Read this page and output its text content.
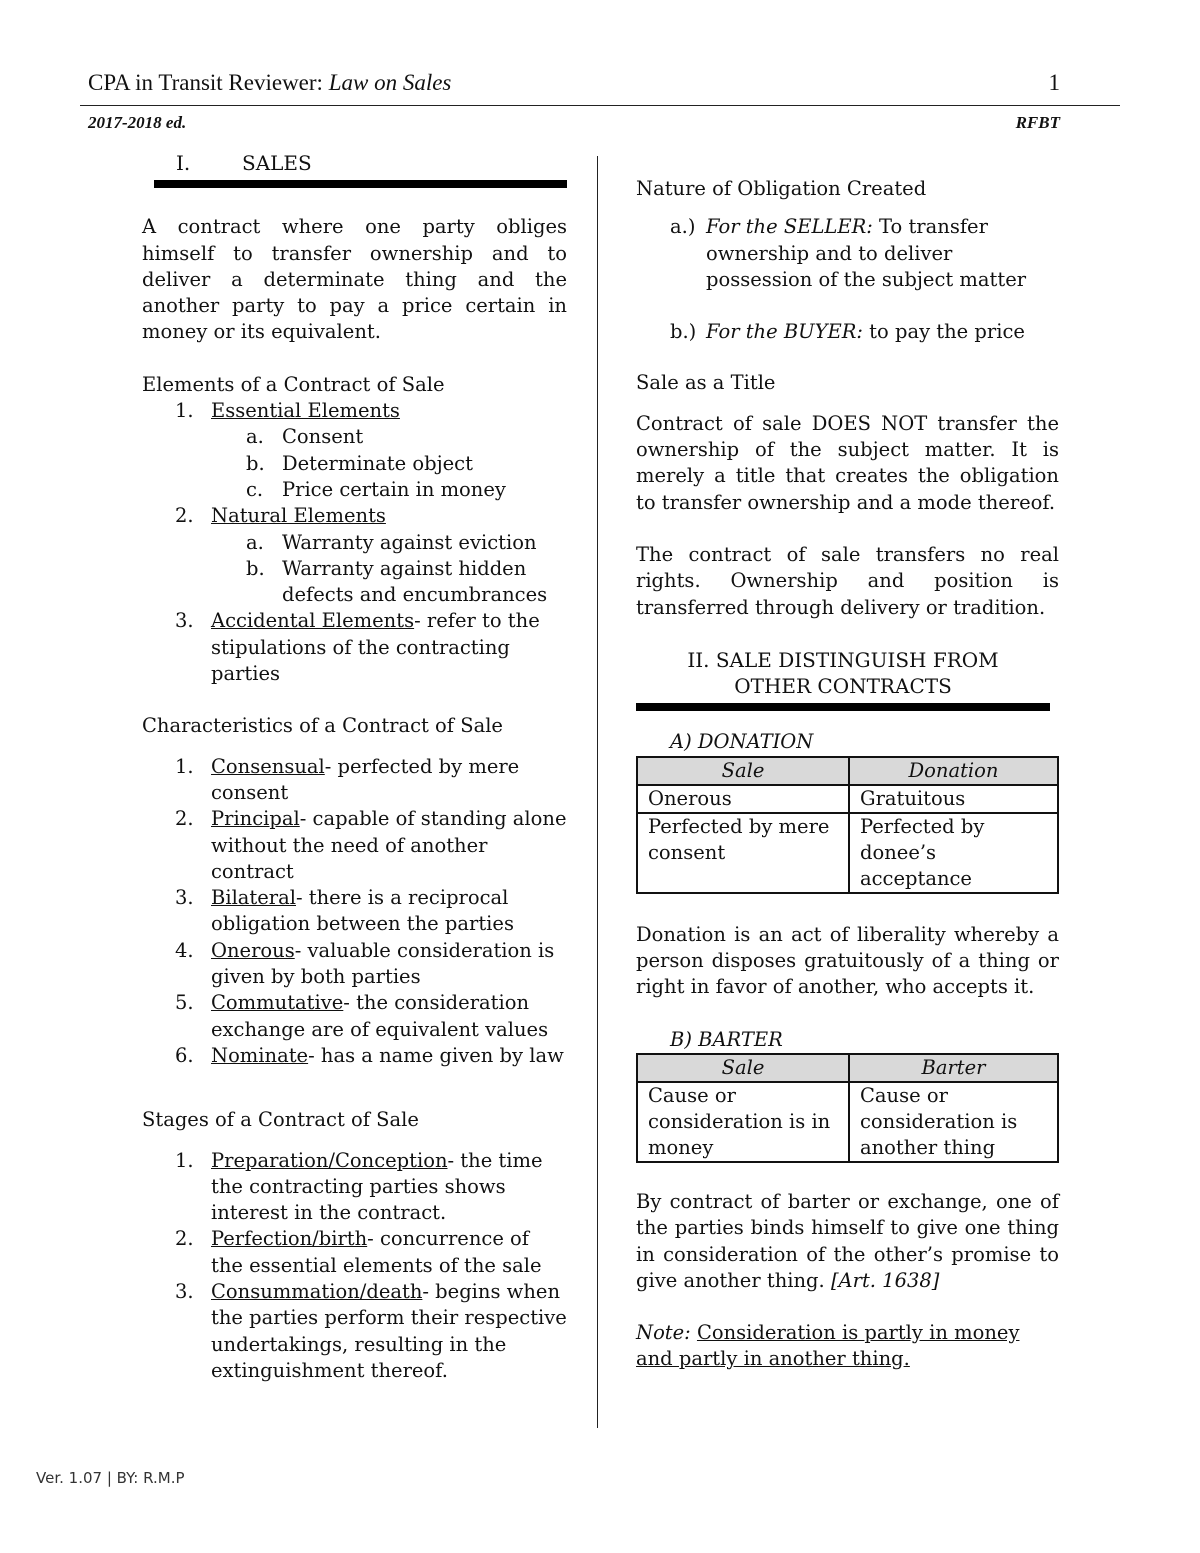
CPA in Transit Reviewer: Law on Sales	1
2017-2018 ed.	RFBT
I.	SALES

A contract where one party obliges himself to transfer ownership and to deliver a determinate thing and the another party to pay a price certain in money or its equivalent.

Elements of a Contract of Sale

1. Essential Elements
a. Consent
b. Determinate object
c. Price certain in money
2. Natural Elements
a. Warranty against eviction
b. Warranty against hidden defects and encumbrances
3. Accidental Elements- refer to the stipulations of the contracting parties

Characteristics of a Contract of Sale

1. Consensual- perfected by mere consent
2. Principal- capable of standing alone without the need of another contract
3. Bilateral- there is a reciprocal obligation between the parties
4. Onerous- valuable consideration is given by both parties
5. Commutative- the consideration exchange are of equivalent values
6. Nominate- has a name given by law

Stages of a Contract of Sale

1. Preparation/Conception- the time the contracting parties shows interest in the contract.
2. Perfection/birth- concurrence of the essential elements of the sale
3. Consummation/death- begins when the parties perform their respective undertakings, resulting in the extinguishment thereof.

Nature of Obligation Created

a.) For the SELLER: To transfer ownership and to deliver possession of the subject matter
b.) For the BUYER: to pay the price

Sale as a Title

Contract of sale DOES NOT transfer the ownership of the subject matter. It is merely a title that creates the obligation to transfer ownership and a mode thereof.

The contract of sale transfers no real rights. Ownership and position is transferred through delivery or tradition.

II. SALE DISTINGUISH FROM
OTHER CONTRACTS
A) DONATION
Sale	Donation
Onerous	Gratuitous
Perfected by mere consent	Perfected by donee’s acceptance

Donation is an act of liberality whereby a person disposes gratuitously of a thing or right in favor of another, who accepts it.

B) BARTER
Sale	Barter
Cause or consideration is in money	Cause or consideration is another thing

By contract of barter or exchange, one of the parties binds himself to give one thing in consideration of the other’s promise to give another thing. [Art. 1638]

Note: Consideration is partly in money and partly in another thing.

Ver. 1.07 | BY: R.M.P
